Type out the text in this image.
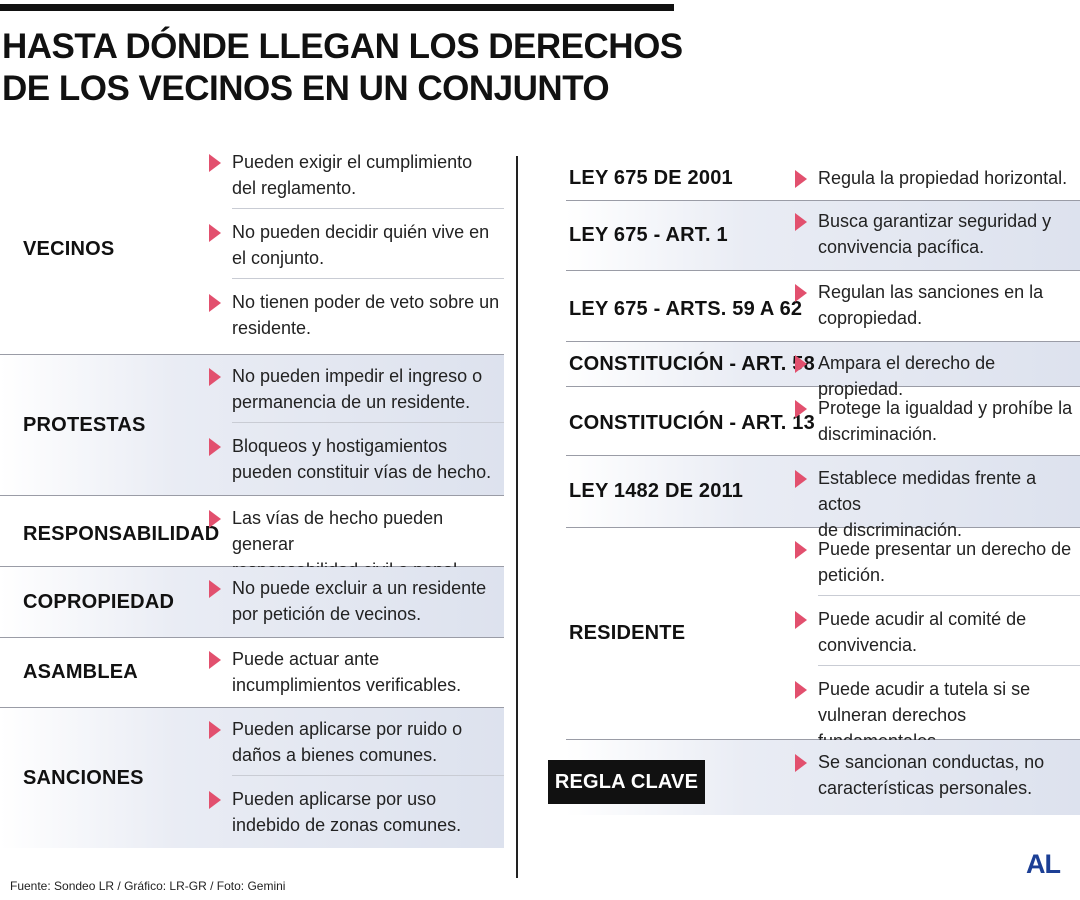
HASTA DÓNDE LLEGAN LOS DERECHOS
DE LOS VECINOS EN UN CONJUNTO
VECINOS
Pueden exigir el cumplimiento
del reglamento.
No pueden decidir quién vive en
el conjunto.
No tienen poder de veto sobre un
residente.
PROTESTAS
No pueden impedir el ingreso o
permanencia de un residente.
Bloqueos y hostigamientos
pueden constituir vías de hecho.
RESPONSABILIDAD
Las vías de hecho pueden generar
COPROPIEDAD
No puede excluir a un residente
por petición de vecinos.
ASAMBLEA
Puede actuar ante
incumplimientos verificables.
SANCIONES
Pueden aplicarse por ruido o
daños a bienes comunes.
Pueden aplicarse por uso
indebido de zonas comunes.
LEY 675 DE 2001	Regula la propiedad horizontal.
LEY 675 - ART. 1
Busca garantizar seguridad y
convivencia pacífica.
LEY 675 - ARTS. 59 A 62
Regulan las sanciones en la
copropiedad.
CONSTITUCIÓN - ART. 58 Ampara el derecho de propiedad.
CONSTITUCIÓN - ART. 13
Protege la igualdad y prohíbe la
discriminación.
LEY 1482 DE 2011
Establece medidas frente a actos
de discriminación.
RESIDENTE
Puede presentar un derecho de
petición.
Puede acudir al comité de
convivencia.
Puede acudir a tutela si se
vulneran derechos
Se sancionan conductas, no
características personales.
REGLA CLAVE
Fuente: Sondeo LR / Gráfico: LR-GR / Foto: Gemini
AL
